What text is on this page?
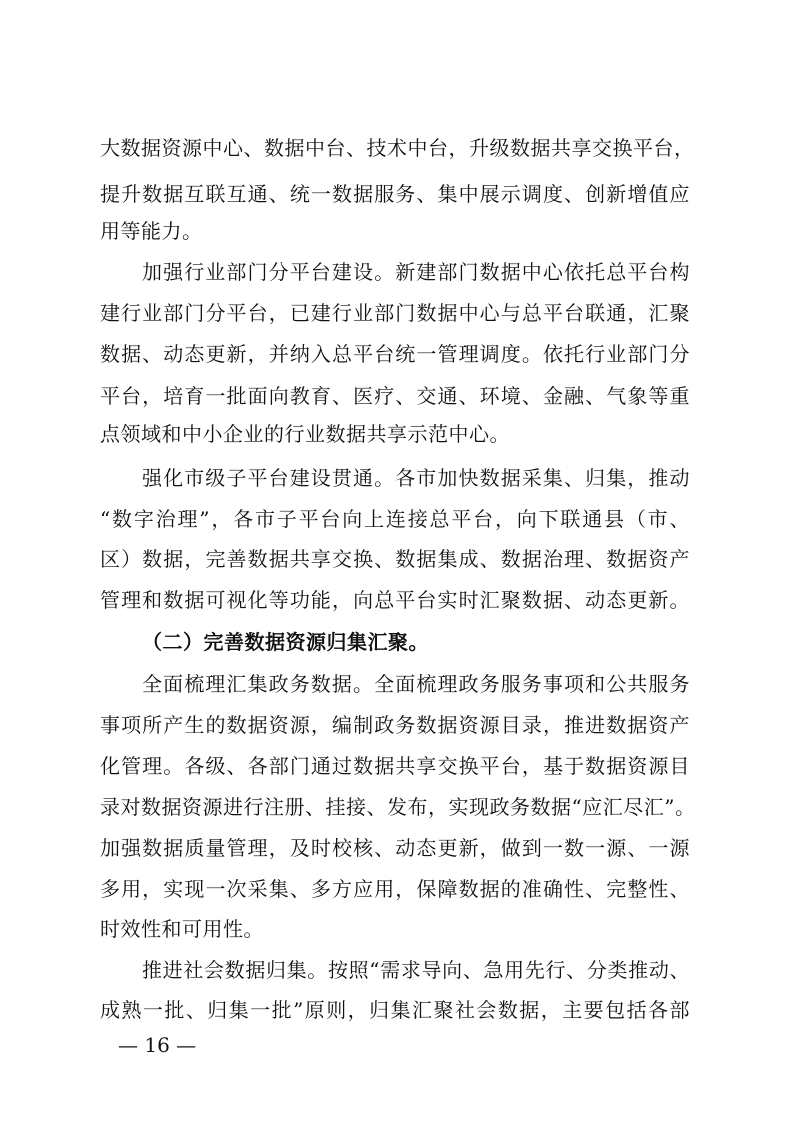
大数据资源中心、数据中台、技术中台，升级数据共享交换平台，
提升数据互联互通、统一数据服务、集中展示调度、创新增值应
用等能力。
加强行业部门分平台建设。新建部门数据中心依托总平台构
建行业部门分平台，已建行业部门数据中心与总平台联通，汇聚
数据、动态更新，并纳入总平台统一管理调度。依托行业部门分
平台，培育一批面向教育、医疗、交通、环境、金融、气象等重
点领域和中小企业的行业数据共享示范中心。
强化市级子平台建设贯通。各市加快数据采集、归集，推动
“数字治理”，各市子平台向上连接总平台，向下联通县（市、
区）数据，完善数据共享交换、数据集成、数据治理、数据资产
管理和数据可视化等功能，向总平台实时汇聚数据、动态更新。
（二）完善数据资源归集汇聚。
全面梳理汇集政务数据。全面梳理政务服务事项和公共服务
事项所产生的数据资源，编制政务数据资源目录，推进数据资产
化管理。各级、各部门通过数据共享交换平台，基于数据资源目
录对数据资源进行注册、挂接、发布，实现政务数据“应汇尽汇”。
加强数据质量管理，及时校核、动态更新，做到一数一源、一源
多用，实现一次采集、多方应用，保障数据的准确性、完整性、
时效性和可用性。
推进社会数据归集。按照“需求导向、急用先行、分类推动、
成熟一批、归集一批”原则，归集汇聚社会数据，主要包括各部
— 16 —
